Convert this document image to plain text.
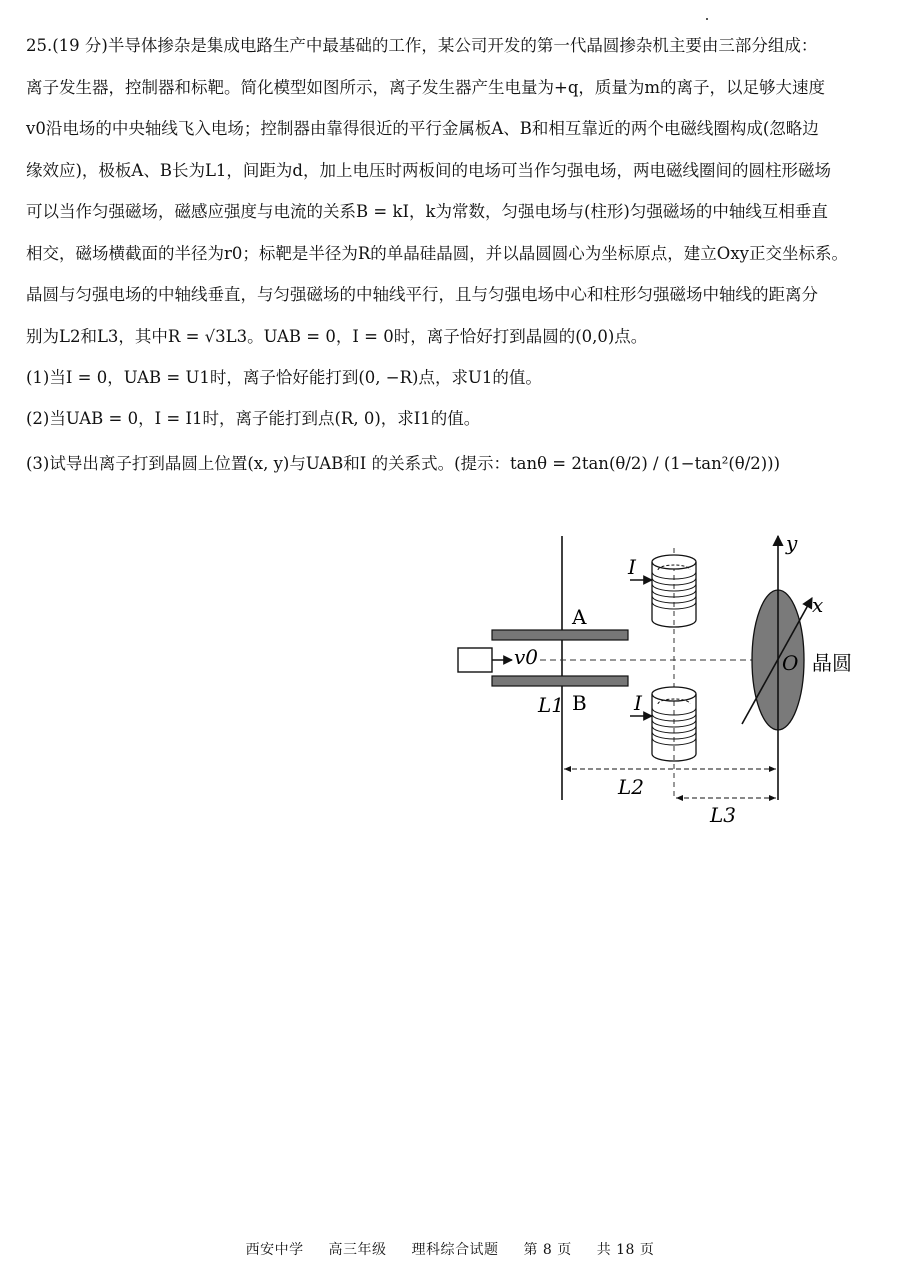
25.(19 分)半导体掺杂是集成电路生产中最基础的工作，某公司开发的第一代晶圆掺杂机主要由三部分组成：
离子发生器，控制器和标靶。简化模型如图所示，离子发生器产生电量为+q，质量为m的离子，以足够大速度
v0沿电场的中央轴线飞入电场；控制器由靠得很近的平行金属板A、B和相互靠近的两个电磁线圈构成(忽略边
缘效应)，极板A、B长为L1，间距为d，加上电压时两板间的电场可当作匀强电场，两电磁线圈间的圆柱形磁场
可以当作匀强磁场，磁感应强度与电流的关系B = kI，k为常数，匀强电场与(柱形)匀强磁场的中轴线互相垂直
相交，磁场横截面的半径为r0；标靶是半径为R的单晶硅晶圆，并以晶圆圆心为坐标原点，建立Oxy正交坐标系。
晶圆与匀强电场的中轴线垂直，与匀强磁场的中轴线平行，且与匀强电场中心和柱形匀强磁场中轴线的距离分
别为L2和L3，其中R = √3L3。UAB = 0，I = 0时，离子恰好打到晶圆的(0,0)点。
(1)当I = 0，UAB = U1时，离子恰好能打到(0, −R)点，求U1的值。
(2)当UAB = 0，I = I1时，离子能打到点(R, 0)，求I1的值。
(3)试导出离子打到晶圆上位置(x, y)与UAB和I 的关系式。(提示：tanθ = 2tan(θ/2) / (1−tan²(θ/2)))
A
B
v0
I
I
L1
y
x
O 晶圆
L2
L3
西安中学 高三年级 理科综合试题 第 8 页 共 18 页
